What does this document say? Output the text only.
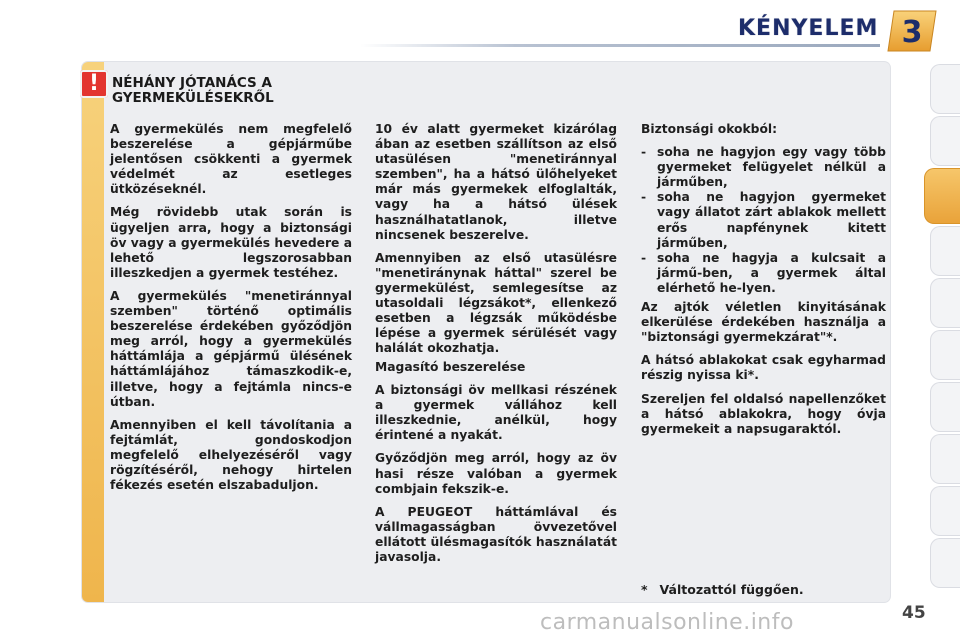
KÉNYELEM 3
! NÉHÁNY JÓTANÁCS A
GYERMEKÜLÉSEKRŐL

A gyermekülés nem megfelelő beszerelése a gépjárműbe jelentősen csökkenti a gyermek védelmét az esetleges ütközéseknél.

Még rövidebb utak során is ügyeljen arra, hogy a biztonsági öv vagy a gyermekülés hevedere a lehető legszorosabban illeszkedjen a gyermek testéhez.

A gyermekülés "menetiránnyal szemben" történő optimális beszerelése érdekében győződjön meg arról, hogy a gyermekülés háttámlája a gépjármű ülésének háttámlájához támaszkodik-e, illetve, hogy a fejtámla nincs-e útban.

Amennyiben el kell távolítania a fejtámlát, gondoskodjon megfelelő elhelyezéséről vagy rögzítéséről, nehogy hirtelen fékezés esetén elszabaduljon.

10 év alatt gyermeket kizárólag ában az esetben szállítson az első utasülésen "menetiránnyal szemben", ha a hátsó ülőhelyeket már más gyermekek elfoglalták, vagy ha a hátsó ülések használhatatlanok, illetve nincsenek beszerelve.

Amennyiben az első utasülésre "menetiránynak háttal" szerel be gyermekülést, semlegesítse az utasoldali légzsákot*, ellenkező esetben a légzsák működésbe lépése a gyermek sérülését vagy halálát okozhatja.

Magasító beszerelése

A biztonsági öv mellkasi részének a gyermek vállához kell illeszkednie, anélkül, hogy érintené a nyakát.

Győződjön meg arról, hogy az öv hasi része valóban a gyermek combjain fekszik-e.

A PEUGEOT háttámlával és vállmagasságban övvezetővel ellátott ülésmagasítók használatát javasolja.

Biztonsági okokból:

- soha ne hagyjon egy vagy több gyermeket felügyelet nélkül a járműben,
- soha ne hagyjon gyermeket vagy állatot zárt ablakok mellett erős napfénynek kitett járműben,
- soha ne hagyja a kulcsait a jármű-ben, a gyermek által elérhető he-lyen.

Az ajtók véletlen kinyitásának elkerülése érdekében használja a "biztonsági gyermekzárat"*.

A hátsó ablakokat csak egyharmad részig nyissa ki*.

Szereljen fel oldalsó napellenzőket a hátsó ablakokra, hogy óvja gyermekeit a napsugaraktól.

* Változattól függően.
45
carmanualsonline.info
